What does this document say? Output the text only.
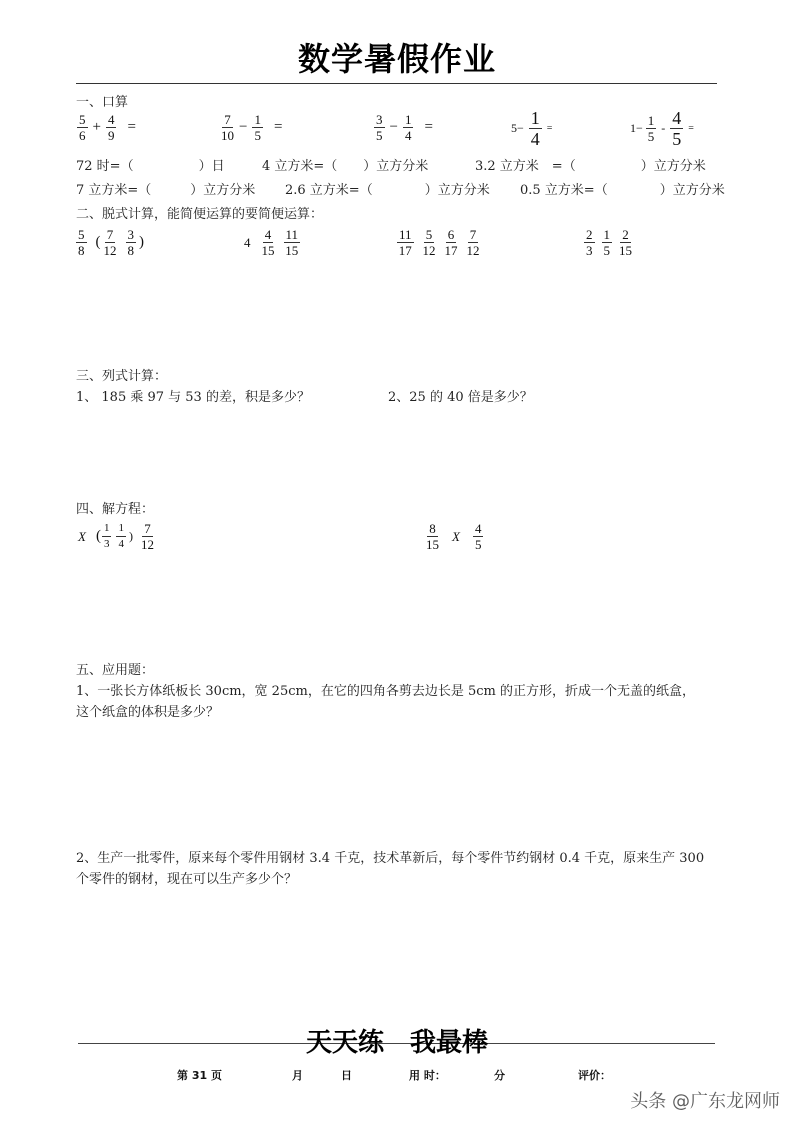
数学暑假作业
一、口算
$\frac{5}{6} + \frac{4}{9}$ =	$\frac{7}{10} - \frac{1}{5}$ =	$\frac{3}{5} - \frac{1}{4}$ =	$5- \frac{1}{4}$ =	$1- \frac{1}{5} - \frac{4}{5}$ =
72 时=（　　　　　）日	4 立方米=（　　）立方分米	3.2 立方米　=（　　　　　）立方分米
7 立方米=（　　　）立方分米 2.6 立方米=（　　　　）立方分米 0.5 立方米=（　　　　）立方分米
二、脱式计算，能简便运算的要简便运算：
$\frac{5}{8}$ ( $\frac{7}{12} \frac{3}{8}$ )	$4 \frac{4}{15} \frac{11}{15}$	$\frac{11}{17} \frac{5}{12} \frac{6}{17} \frac{7}{12}$	$\frac{2}{3} \frac{1}{5} \frac{2}{15}$
三、列式计算：
1、 185 乘 97 与 53 的差，积是多少？	2、25 的 40 倍是多少？
四、解方程：
X ( $\frac{1}{3} \frac{1}{4}$ ) $\frac{7}{12}$	$\frac{8}{15}$ X $\frac{4}{5}$
五、应用题：
1、一张长方体纸板长 30cm，宽 25cm，在它的四角各剪去边长是 5cm 的正方形，折成一个无盖的纸盒，
这个纸盒的体积是多少？
2、生产一批零件，原来每个零件用钢材 3.4 千克，技术革新后，每个零件节约钢材 0.4 千克，原来生产 300
个零件的钢材，现在可以生产多少个？
天天练　我最棒
第 31 页	月	日	用 时：	分	评价：
头条 @广东龙网师
